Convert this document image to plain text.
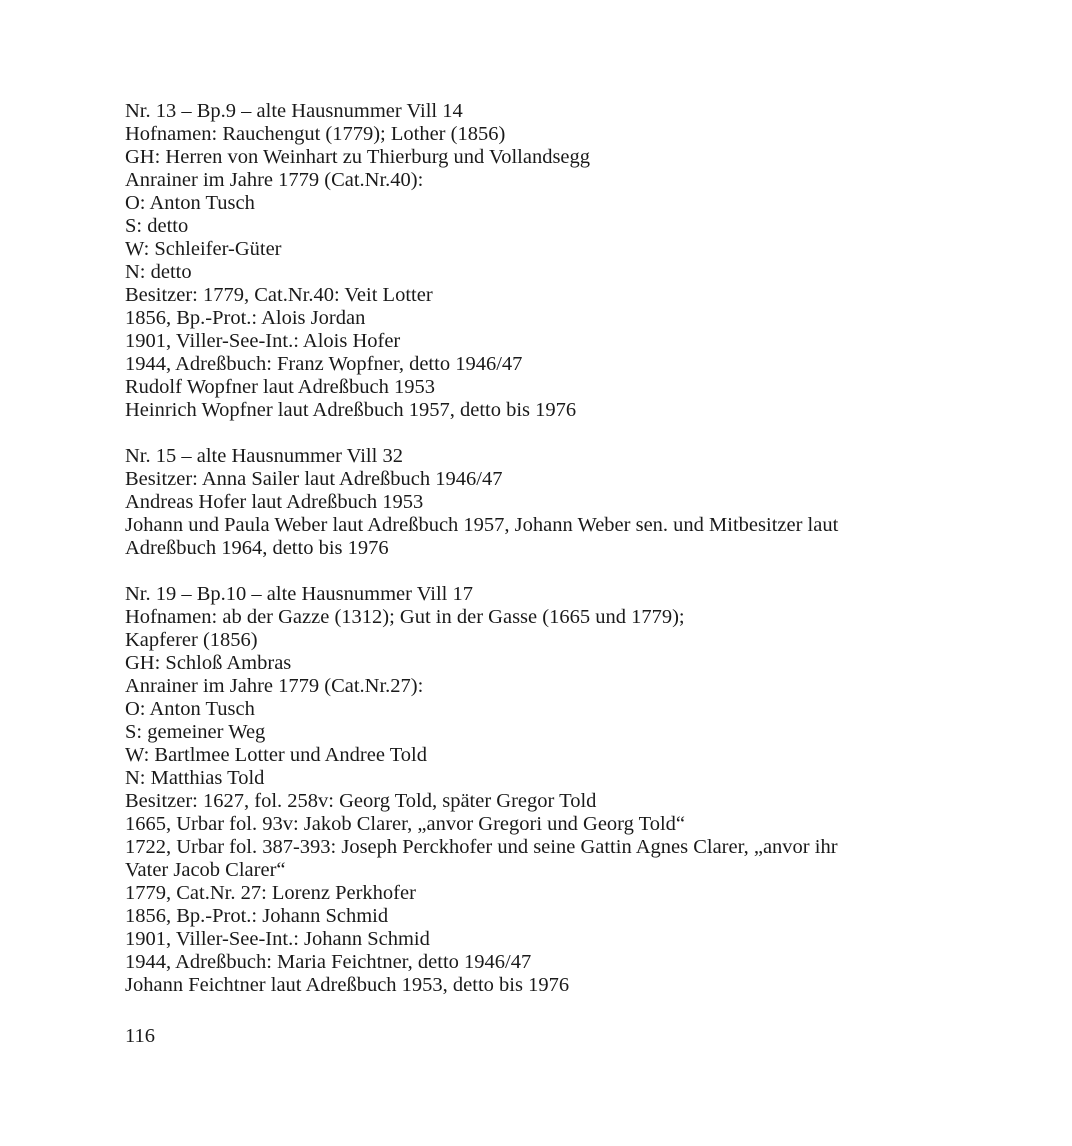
Nr. 13 – Bp.9 – alte Hausnummer Vill 14
Hofnamen: Rauchengut (1779); Lother (1856)
GH: Herren von Weinhart zu Thierburg und Vollandsegg
Anrainer im Jahre 1779 (Cat.Nr.40):
O: Anton Tusch
S: detto
W: Schleifer-Güter
N: detto
Besitzer: 1779, Cat.Nr.40: Veit Lotter
1856, Bp.-Prot.: Alois Jordan
1901, Viller-See-Int.: Alois Hofer
1944, Adreßbuch: Franz Wopfner, detto 1946/47
Rudolf Wopfner laut Adreßbuch 1953
Heinrich Wopfner laut Adreßbuch 1957, detto bis 1976
Nr. 15 – alte Hausnummer Vill 32
Besitzer: Anna Sailer laut Adreßbuch 1946/47
Andreas Hofer laut Adreßbuch 1953
Johann und Paula Weber laut Adreßbuch 1957, Johann Weber sen. und Mitbesitzer laut
Adreßbuch 1964, detto bis 1976
Nr. 19 – Bp.10 – alte Hausnummer Vill 17
Hofnamen: ab der Gazze (1312); Gut in der Gasse (1665 und 1779);
Kapferer (1856)
GH: Schloß Ambras
Anrainer im Jahre 1779 (Cat.Nr.27):
O: Anton Tusch
S: gemeiner Weg
W: Bartlmee Lotter und Andree Told
N: Matthias Told
Besitzer: 1627, fol. 258v: Georg Told, später Gregor Told
1665, Urbar fol. 93v: Jakob Clarer, „anvor Gregori und Georg Told“
1722, Urbar fol. 387-393: Joseph Perckhofer und seine Gattin Agnes Clarer, „anvor ihr
Vater Jacob Clarer“
1779, Cat.Nr. 27: Lorenz Perkhofer
1856, Bp.-Prot.: Johann Schmid
1901, Viller-See-Int.: Johann Schmid
1944, Adreßbuch: Maria Feichtner, detto 1946/47
Johann Feichtner laut Adreßbuch 1953, detto bis 1976
116
